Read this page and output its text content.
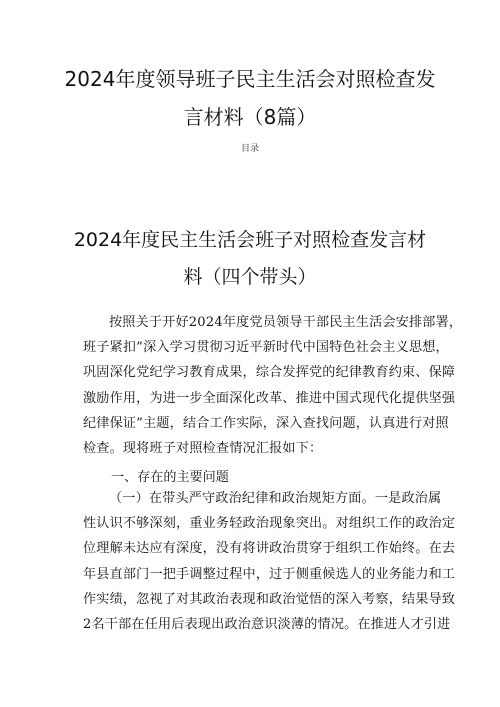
2024年度领导班子民主生活会对照检查发
言材料（8篇）
目录
2024年度民主生活会班子对照检查发言材
料（四个带头）
按照关于开好2024年度党员领导干部民主生活会安排部署，
班子紧扣”深入学习贯彻习近平新时代中国特色社会主义思想，
巩固深化党纪学习教育成果，综合发挥党的纪律教育约束、保障
激励作用，为进一步全面深化改革、推进中国式现代化提供坚强
纪律保证”主题，结合工作实际，深入查找问题，认真进行对照
检查。现将班子对照检查情况汇报如下：
一、存在的主要问题
（一）在带头严守政治纪律和政治规矩方面。一是政治属
性认识不够深刻，重业务轻政治现象突出。对组织工作的政治定
位理解未达应有深度，没有将讲政治贯穿于组织工作始终。在去
年县直部门一把手调整过程中，过于侧重候选人的业务能力和工
作实绩，忽视了对其政治表现和政治觉悟的深入考察，结果导致
2名干部在任用后表现出政治意识淡薄的情况。在推进人才引进
